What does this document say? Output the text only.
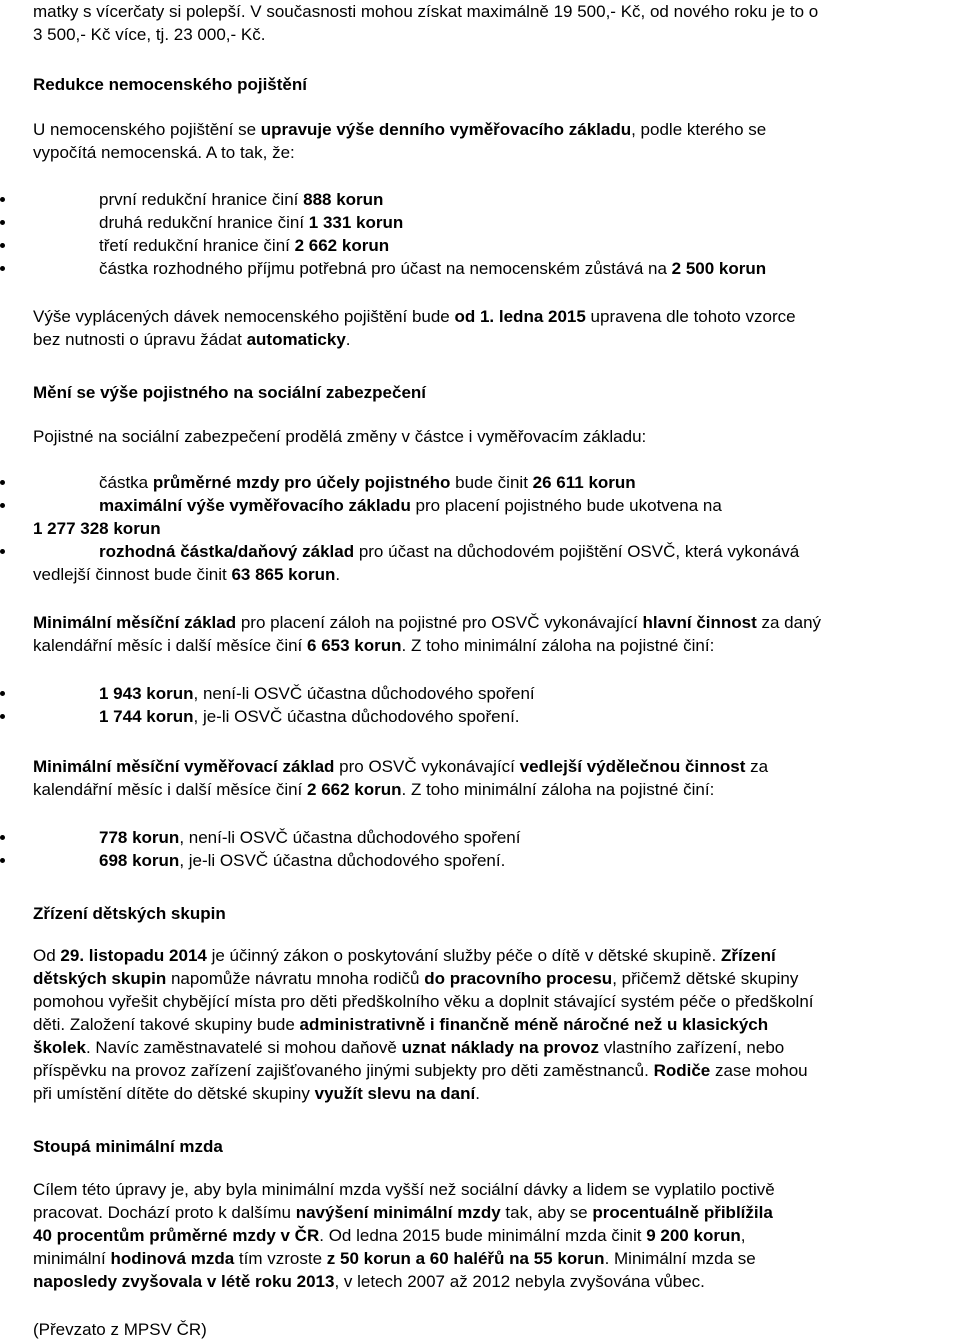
matky s vícerčaty si polepší. V současnosti mohou získat maximálně 19 500,- Kč, od nového roku je to o

3 500,- Kč více, tj. 23 000,- Kč.

Redukce nemocenského pojištění

U nemocenského pojištění se upravuje výše denního vyměřovacího základu, podle kterého se

vypočítá nemocenská. A to tak, že:

první redukční hranice činí 888 korun

druhá redukční hranice činí 1 331 korun

třetí redukční hranice činí 2 662 korun

částka rozhodného příjmu potřebná pro účast na nemocenském zůstává na 2 500 korun

Výše vyplácených dávek nemocenského pojištění bude od 1. ledna 2015 upravena dle tohoto vzorce

bez nutnosti o úpravu žádat automaticky.

Mění se výše pojistného na sociální zabezpečení

Pojistné na sociální zabezpečení prodělá změny v částce i vyměřovacím základu:

částka průměrné mzdy pro účely pojistného bude činit 26 611 korun

maximální výše vyměřovacího základu pro placení pojistného bude ukotvena na

1 277 328 korun

rozhodná částka/daňový základ pro účast na důchodovém pojištění OSVČ, která vykonává

vedlejší činnost bude činit 63 865 korun.

Minimální měsíční základ pro placení záloh na pojistné pro OSVČ vykonávající hlavní činnost za daný

kalendářní měsíc i další měsíce činí 6 653 korun. Z toho minimální záloha na pojistné činí:

1 943 korun, není-li OSVČ účastna důchodového spoření

1 744 korun, je-li OSVČ účastna důchodového spoření.

Minimální měsíční vyměřovací základ pro OSVČ vykonávající vedlejší výdělečnou činnost za

kalendářní měsíc i další měsíce činí 2 662 korun. Z toho minimální záloha na pojistné činí:

778 korun, není-li OSVČ účastna důchodového spoření

698 korun, je-li OSVČ účastna důchodového spoření.

Zřízení dětských skupin

Od 29. listopadu 2014 je účinný zákon o poskytování služby péče o dítě v dětské skupině. Zřízení

dětských skupin napomůže návratu mnoha rodičů do pracovního procesu, přičemž dětské skupiny

pomohou vyřešit chybějící místa pro děti předškolního věku a doplnit stávající systém péče o předškolní

děti. Založení takové skupiny bude administrativně i finančně méně náročné než u klasických

školek. Navíc zaměstnavatelé si mohou daňově uznat náklady na provoz vlastního zařízení, nebo

příspěvku na provoz zařízení zajišťovaného jinými subjekty pro děti zaměstnanců. Rodiče zase mohou

při umístění dítěte do dětské skupiny využít slevu na daní.

Stoupá minimální mzda

Cílem této úpravy je, aby byla minimální mzda vyšší než sociální dávky a lidem se vyplatilo poctivě

pracovat. Dochází proto k dalšímu navýšení minimální mzdy tak, aby se procentuálně přiblížila

40 procentům průměrné mzdy v ČR. Od ledna 2015 bude minimální mzda činit 9 200 korun,

minimální hodinová mzda tím vzroste z 50 korun a 60 haléřů na 55 korun. Minimální mzda se

naposledy zvyšovala v létě roku 2013, v letech 2007 až 2012 nebyla zvyšována vůbec.

(Převzato z MPSV ČR)
